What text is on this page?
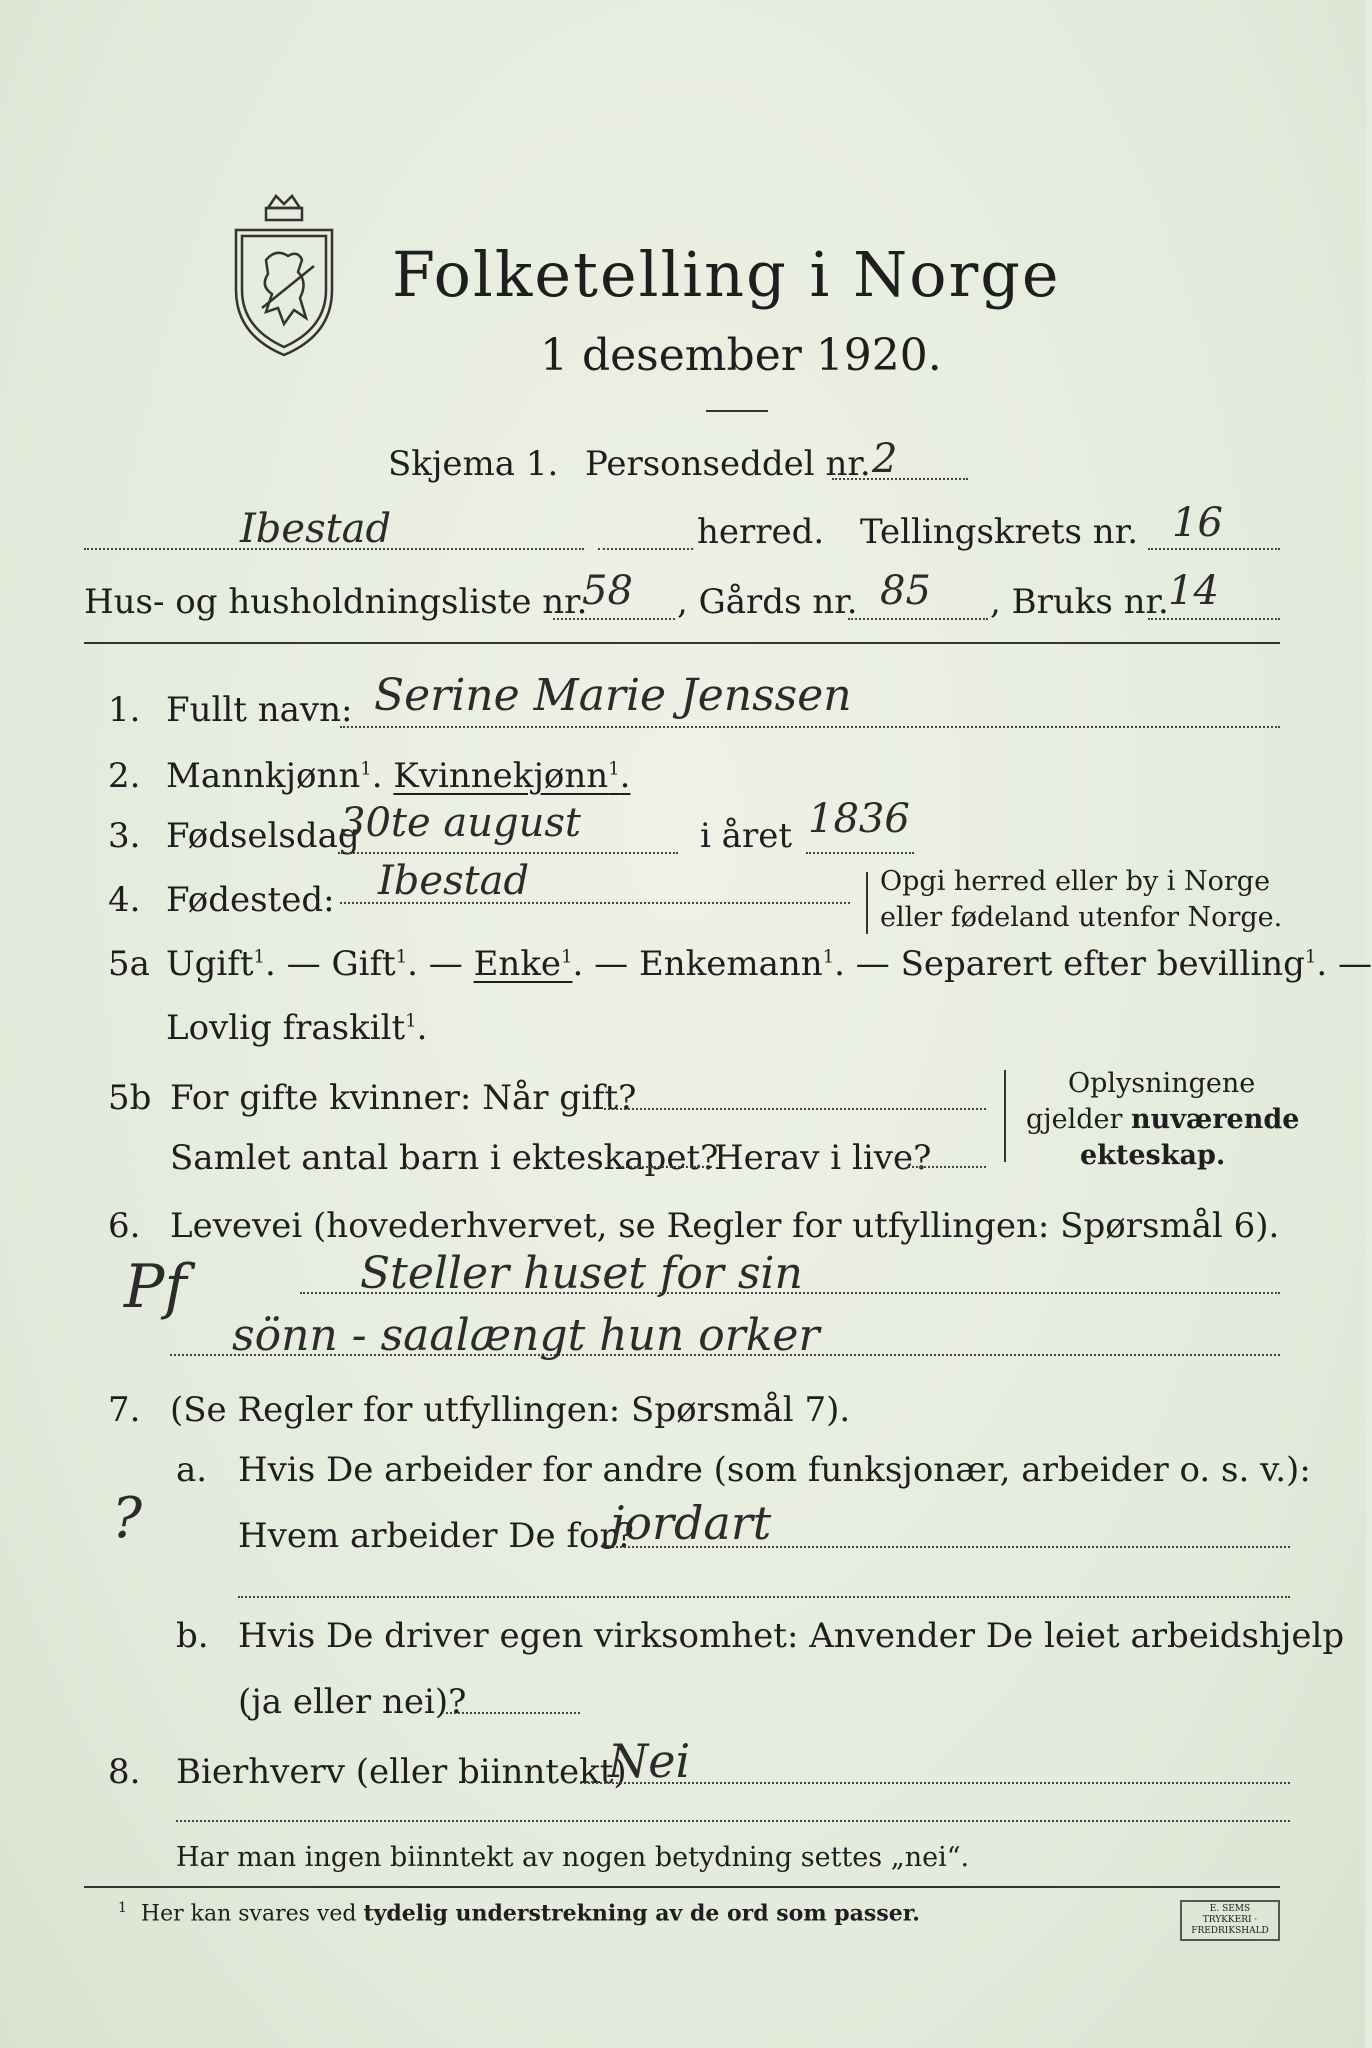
Folketelling i Norge
1 desember 1920.
Skjema 1. Personseddel nr. 2
Ibestad	herred. Tellingskrets nr. 16
Hus- og husholdningsliste nr.
58 , Gårds nr. 85 , Bruks nr. 14
1. Fullt navn: Serine Marie Jenssen
2. Mannkjønn$^1$. Kvinnekjønn$^1$.
3. Fødselsdag
30te august	i året 1836
4. Fødested: Ibestad	Opgi herred eller by i Norge
eller fødeland utenfor Norge.
5a Ugift$^1$. — Gift$^1$. — Enke$^1$. — Enkemann$^1$. — Separert efter bevilling$^1$. —
Lovlig fraskilt$^1$.
5b For gifte kvinner: Når gift?
Samlet antal barn i ekteskapet?
Herav i live?
Oplysningene
gjelder nuværende
ekteskap.
6. Levevei (hovederhvervet, se Regler for utfyllingen: Spørsmål 6).
Pf	Steller huset for sin
sönn - saalængt hun orker
7. (Se Regler for utfyllingen: Spørsmål 7).
?
a. Hvis De arbeider for andre (som funksjonær, arbeider o. s. v.):
Hvem arbeider De for?
jordart
b. Hvis De driver egen virksomhet: Anvender De leiet arbeidshjelp
(ja eller nei)?
8. Bierhverv (eller biinntekt)
Nei
Har man ingen biinntekt av nogen betydning settes „nei“.
$^1$ Her kan svares ved tydelig understrekning av de ord som passer.	E. SEMS TRYKKERI · FREDRIKSHALD
